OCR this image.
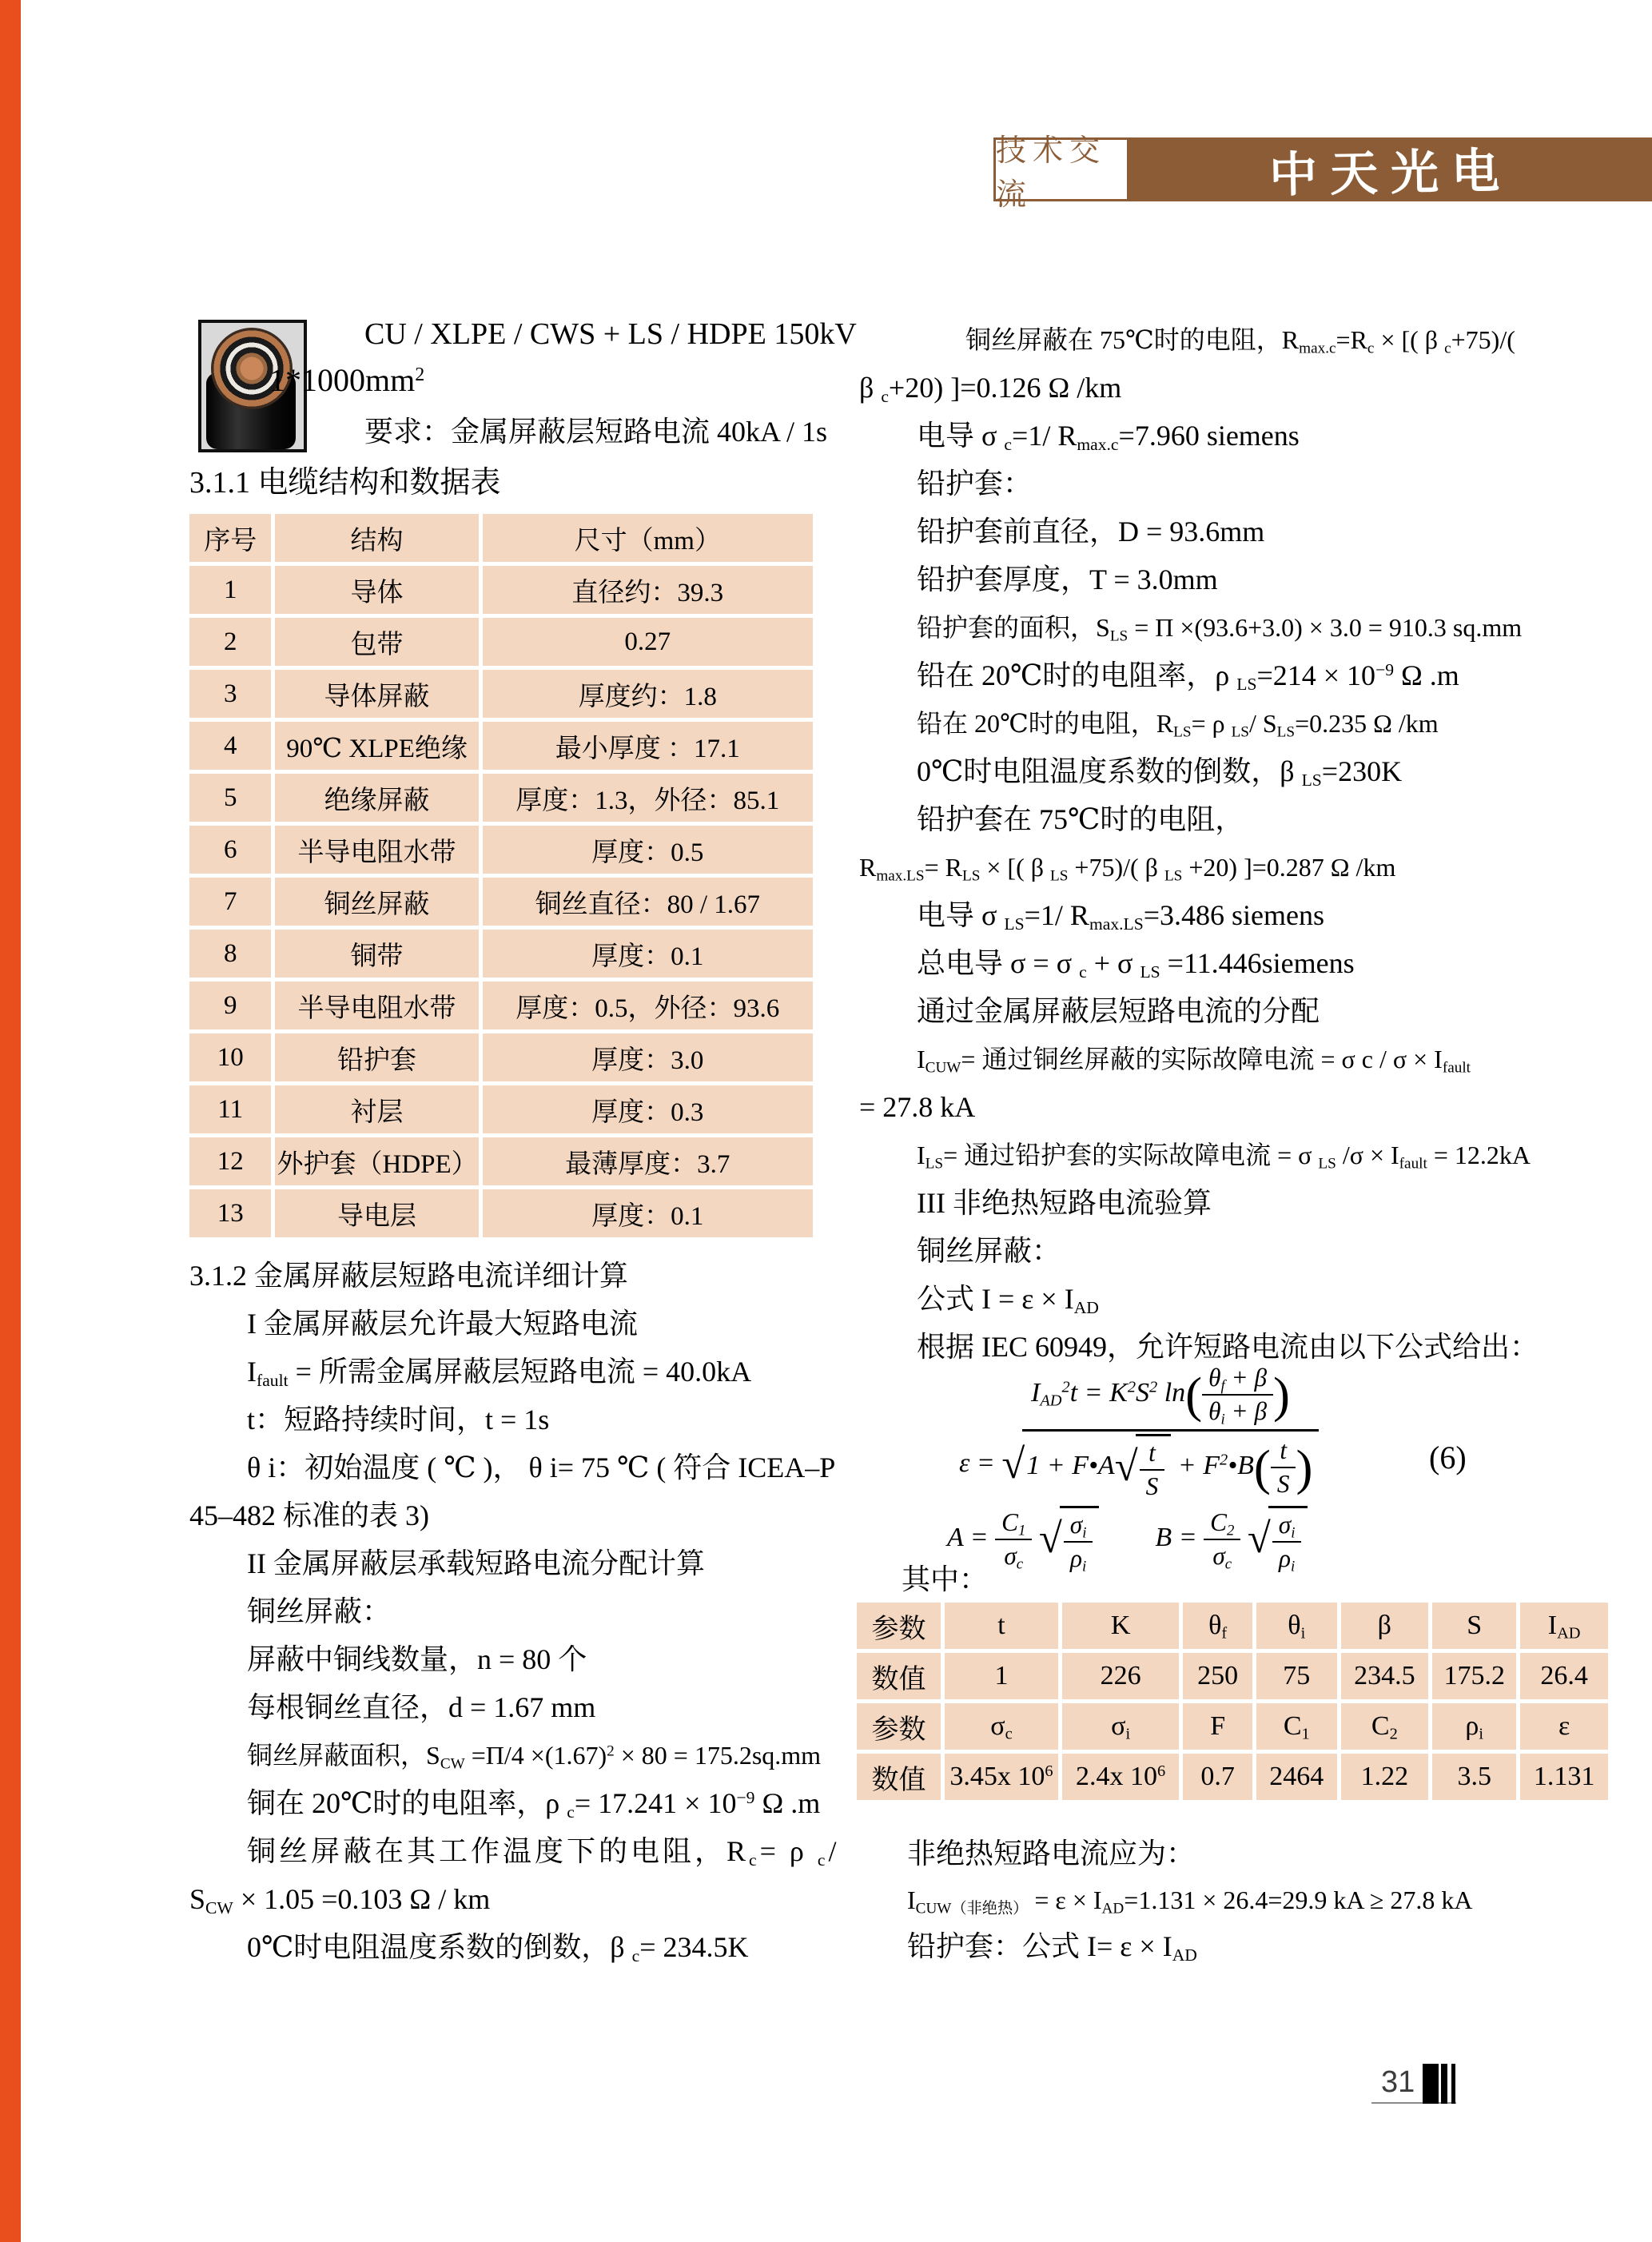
技术交流	中天光电
CU / XLPE / CWS + LS / HDPE 150kV
$1*1000mm^2$
要求：金属屏蔽层短路电流 40kA / 1s
3.1.1 电缆结构和数据表
序号	结构	尺寸（mm）
1	导体	直径约：39.3
2	包带	0.27
3	导体屏蔽	厚度约：1.8
4	90℃ XLPE绝缘	最小厚度 ：17.1
5	绝缘屏蔽	厚度：1.3，外径：85.1
6	半导电阻水带	厚度：0.5
7	铜丝屏蔽	铜丝直径：80 / 1.67
8	铜带	厚度：0.1
9	半导电阻水带	厚度：0.5，外径：93.6
10	铅护套	厚度：3.0
11	衬层	厚度：0.3
12	外护套（HDPE）	最薄厚度：3.7
13	导电层	厚度：0.1
3.1.2 金属屏蔽层短路电流详细计算
I 金属屏蔽层允许最大短路电流
$I_{fault}$ = 所需金属屏蔽层短路电流 = 40.0kA
t：短路持续时间，t = 1s
θ i：初始温度 ( ℃ )， θ i= 75 ℃ ( 符合 ICEA–P
45–482 标准的表 3)
II 金属屏蔽层承载短路电流分配计算
铜丝屏蔽：
屏蔽中铜线数量，n = 80 个
每根铜丝直径，d = 1.67 mm
铜丝屏蔽面积，$S_{CW} =\Pi/4 \times(1.67)^2 \times 80 = 175.2sq.mm$
铜在 20℃时的电阻率，ρ $_c= 17.241 \times 10^{-9}$ Ω .m
铜丝屏蔽在其工作温度下的电阻，$R_c= \rho$ $_c$/
$S_{CW} \times 1.05 =0.103$ Ω / km
0℃时电阻温度系数的倒数，β $_c$= 234.5K
铜丝屏蔽在 75℃时的电阻，$R_{max.c}=R_c$ × [( β $_c$+75)/(
β $_c$+20) ]=0.126 Ω /km
电导 σ $_c$=1/ $R_{max.c}=7.960$ siemens
铅护套：
铅护套前直径，D = 93.6mm
铅护套厚度，T = 3.0mm
铅护套的面积，$S_{LS} = \Pi \times(93.6+3.0) \times 3.0 = 910.3$ sq.mm
铅在 20℃时的电阻率，ρ $_{LS}=214 \times 10^{-9}$ Ω .m
铅在 20℃时的电阻，$R_{LS}= \rho$ $_{LS}$/ $S_{LS}=0.235$ Ω /km
0℃时电阻温度系数的倒数，β $_{LS}$=230K
铅护套在 75℃时的电阻，
$R_{max.LS}= R_{LS}$ × [( β $_{LS}$ +75)/( β $_{LS}$ +20) ]=0.287 Ω /km
电导 σ $_{LS}$=1/ $R_{max.LS}=3.486$ siemens
总电导 σ = σ $_c$ + σ $_{LS}$ =11.446siemens
通过金属屏蔽层短路电流的分配
$I_{CUW}=$ 通过铜丝屏蔽的实际故障电流 = σ $c / \sigma \times I_{fault}$
= 27.8 kA
$I_{LS}=$ 通过铅护套的实际故障电流 = σ $_{LS}$ $/\sigma \times I_{fault} = 12.2kA$
III 非绝热短路电流验算
铜丝屏蔽：
公式 $I = \varepsilon \times I_{AD}$
根据 IEC 60949，允许短路电流由以下公式给出：
$I_{AD}^2t = K^2S^2$ $\ln( \frac{\theta_f + \beta}{\theta_i + \beta}$ )
ε = √ 1 + F•A √ $\frac{t}{S}$ + $F^2•B( \frac{t}{S}$ )	(6)
$A = \frac{C_1}{\sigma_c}$
√ $\frac{\sigma_i}{\rho_i}$ $B = \frac{C_2}{\sigma_c}$
√ $\frac{\sigma_i}{\rho_i}$
其中：
参数	t	K	$\theta_f$	$\theta_i$	β	S	$I_{AD}$
数值	1	226	250	75	234.5	175.2	26.4
参数	$\sigma_c$	$\sigma_i$	F	$C_1$	$C_2$	$\rho_i$	ε
数值	3.45x $10^6$	2.4x $10^6$	0.7	2464	1.22	3.5	1.131
非绝热短路电流应为：
$I_{CUW(非绝热)} = \varepsilon \times I_{AD}=1.131 \times 26.4=29.9$ kA ≥ 27.8 kA
铅护套：公式 $I= \varepsilon \times I_{AD}$
31
